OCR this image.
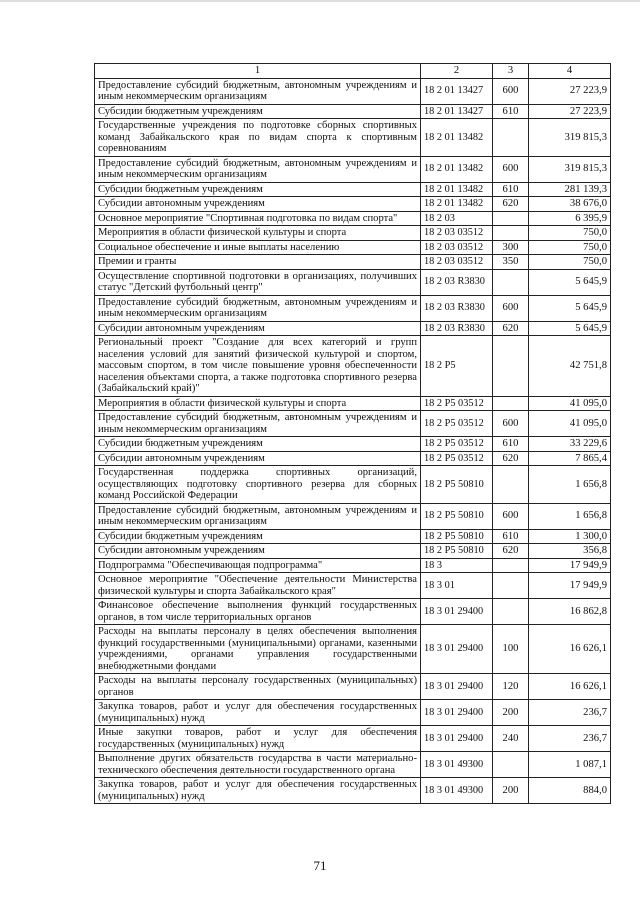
1	2	3	4
Предоставление субсидий бюджетным, автономным учреждениям и иным некоммерческим организациям	18 2 01 13427	600	27 223,9
Субсидии бюджетным учреждениям	18 2 01 13427	610	27 223,9
Государственные учреждения по подготовке сборных спортивных команд Забайкальского края по видам спорта к спортивным соревнованиям	18 2 01 13482		319 815,3
Предоставление субсидий бюджетным, автономным учреждениям и иным некоммерческим организациям	18 2 01 13482	600	319 815,3
Субсидии бюджетным учреждениям	18 2 01 13482	610	281 139,3
Субсидии автономным учреждениям	18 2 01 13482	620	38 676,0
Основное мероприятие "Спортивная подготовка по видам спорта"	18 2 03		6 395,9
Мероприятия в области физической культуры и спорта	18 2 03 03512		750,0
Социальное обеспечение и иные выплаты населению	18 2 03 03512	300	750,0
Премии и гранты	18 2 03 03512	350	750,0
Осуществление спортивной подготовки в организациях, получивших статус "Детский футбольный центр"	18 2 03 R3830		5 645,9
Предоставление субсидий бюджетным, автономным учреждениям и иным некоммерческим организациям	18 2 03 R3830	600	5 645,9
Субсидии автономным учреждениям	18 2 03 R3830	620	5 645,9
Региональный проект "Создание для всех категорий и групп населения условий для занятий физической культурой и спортом, массовым спортом, в том числе повышение уровня обеспеченности населения объектами спорта, а также подготовка спортивного резерва (Забайкальский край)"	18 2 P5		42 751,8
Мероприятия в области физической культуры и спорта	18 2 P5 03512		41 095,0
Предоставление субсидий бюджетным, автономным учреждениям и иным некоммерческим организациям	18 2 P5 03512	600	41 095,0
Субсидии бюджетным учреждениям	18 2 P5 03512	610	33 229,6
Субсидии автономным учреждениям	18 2 P5 03512	620	7 865,4
Государственная поддержка спортивных организаций, осуществляющих подготовку спортивного резерва для сборных команд Российской Федерации	18 2 P5 50810		1 656,8
Предоставление субсидий бюджетным, автономным учреждениям и иным некоммерческим организациям	18 2 P5 50810	600	1 656,8
Субсидии бюджетным учреждениям	18 2 P5 50810	610	1 300,0
Субсидии автономным учреждениям	18 2 P5 50810	620	356,8
Подпрограмма "Обеспечивающая подпрограмма"	18 3		17 949,9
Основное мероприятие "Обеспечение деятельности Министерства физической культуры и спорта Забайкальского края"	18 3 01		17 949,9
Финансовое обеспечение выполнения функций государственных органов, в том числе территориальных органов	18 3 01 29400		16 862,8
Расходы на выплаты персоналу в целях обеспечения выполнения функций государственными (муниципальными) органами, казенными учреждениями, органами управления государственными внебюджетными фондами	18 3 01 29400	100	16 626,1
Расходы на выплаты персоналу государственных (муниципальных) органов	18 3 01 29400	120	16 626,1
Закупка товаров, работ и услуг для обеспечения государственных (муниципальных) нужд	18 3 01 29400	200	236,7
Иные закупки товаров, работ и услуг для обеспечения государственных (муниципальных) нужд	18 3 01 29400	240	236,7
Выполнение других обязательств государства в части материально-технического обеспечения деятельности государственного органа	18 3 01 49300		1 087,1
Закупка товаров, работ и услуг для обеспечения государственных (муниципальных) нужд	18 3 01 49300	200	884,0
71
